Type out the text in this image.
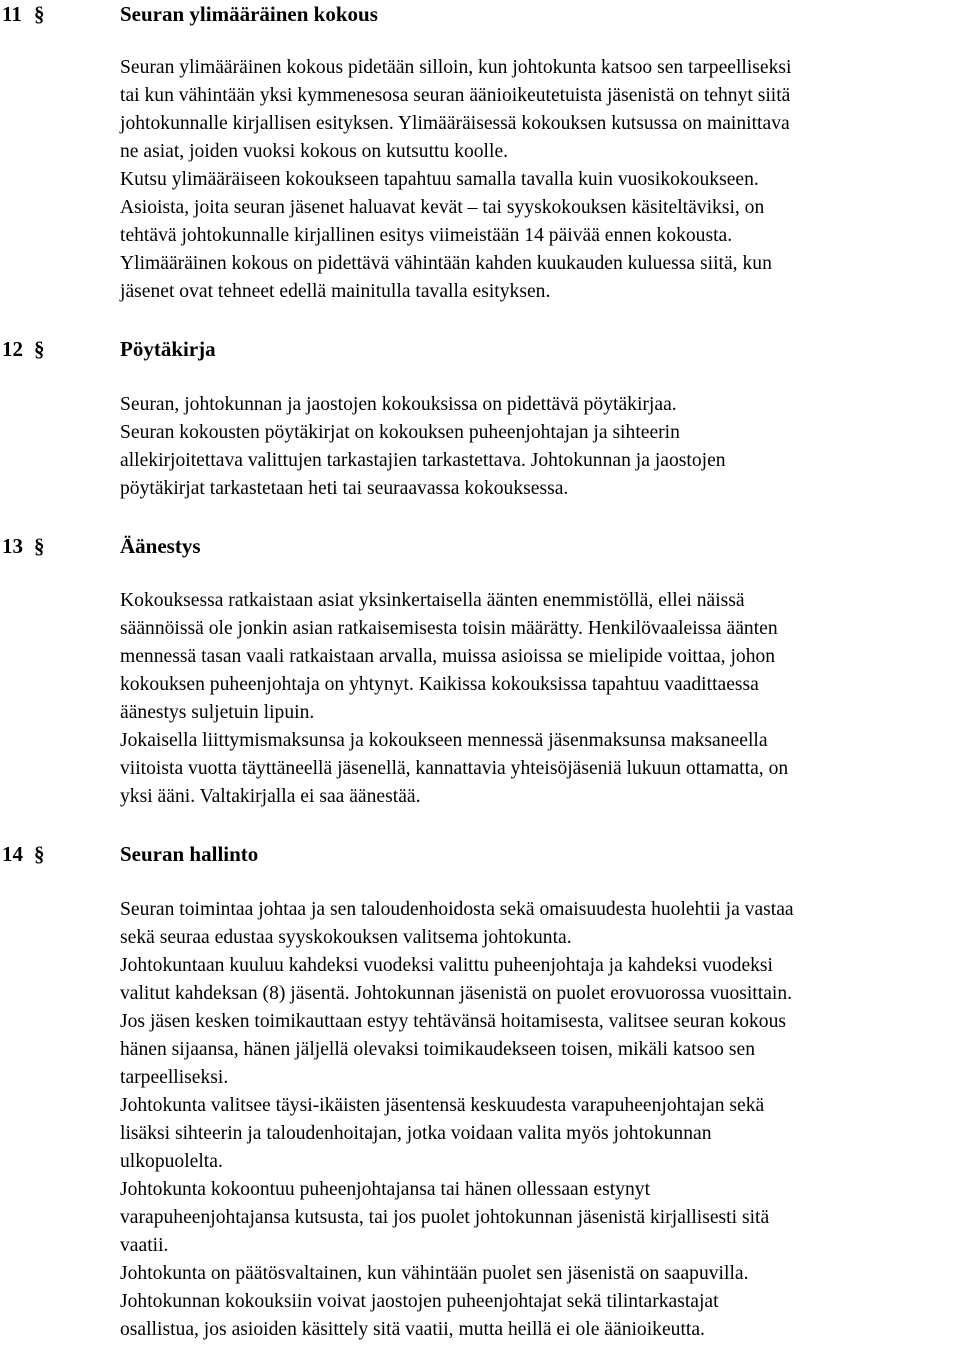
11 §	Seuran ylimääräinen kokous

Seuran ylimääräinen kokous pidetään silloin, kun johtokunta katsoo sen tarpeelliseksi

tai kun vähintään yksi kymmenesosa seuran äänioikeutetuista jäsenistä on tehnyt siitä

johtokunnalle kirjallisen esityksen. Ylimääräisessä kokouksen kutsussa on mainittava

ne asiat, joiden vuoksi kokous on kutsuttu koolle.

Kutsu ylimääräiseen kokoukseen tapahtuu samalla tavalla kuin vuosikokoukseen.

Asioista, joita seuran jäsenet haluavat kevät – tai syyskokouksen käsiteltäviksi, on

tehtävä johtokunnalle kirjallinen esitys viimeistään 14 päivää ennen kokousta.

Ylimääräinen kokous on pidettävä vähintään kahden kuukauden kuluessa siitä, kun

jäsenet ovat tehneet edellä mainitulla tavalla esityksen.

12 §	Pöytäkirja

Seuran, johtokunnan ja jaostojen kokouksissa on pidettävä pöytäkirjaa.

Seuran kokousten pöytäkirjat on kokouksen puheenjohtajan ja sihteerin

allekirjoitettava valittujen tarkastajien tarkastettava. Johtokunnan ja jaostojen

pöytäkirjat tarkastetaan heti tai seuraavassa kokouksessa.

13 §	Äänestys

Kokouksessa ratkaistaan asiat yksinkertaisella äänten enemmistöllä, ellei näissä

säännöissä ole jonkin asian ratkaisemisesta toisin määrätty. Henkilövaaleissa äänten

mennessä tasan vaali ratkaistaan arvalla, muissa asioissa se mielipide voittaa, johon

kokouksen puheenjohtaja on yhtynyt. Kaikissa kokouksissa tapahtuu vaadittaessa

äänestys suljetuin lipuin.

Jokaisella liittymismaksunsa ja kokoukseen mennessä jäsenmaksunsa maksaneella

viitoista vuotta täyttäneellä jäsenellä, kannattavia yhteisöjäseniä lukuun ottamatta, on

yksi ääni. Valtakirjalla ei saa äänestää.

14 §	Seuran hallinto

Seuran toimintaa johtaa ja sen taloudenhoidosta sekä omaisuudesta huolehtii ja vastaa

sekä seuraa edustaa syyskokouksen valitsema johtokunta.

Johtokuntaan kuuluu kahdeksi vuodeksi valittu puheenjohtaja ja kahdeksi vuodeksi

valitut kahdeksan (8) jäsentä. Johtokunnan jäsenistä on puolet erovuorossa vuosittain.

Jos jäsen kesken toimikauttaan estyy tehtävänsä hoitamisesta, valitsee seuran kokous

hänen sijaansa, hänen jäljellä olevaksi toimikaudekseen toisen, mikäli katsoo sen

tarpeelliseksi.

Johtokunta valitsee täysi-ikäisten jäsentensä keskuudesta varapuheenjohtajan sekä

lisäksi sihteerin ja taloudenhoitajan, jotka voidaan valita myös johtokunnan

ulkopuolelta.

Johtokunta kokoontuu puheenjohtajansa tai hänen ollessaan estynyt

varapuheenjohtajansa kutsusta, tai jos puolet johtokunnan jäsenistä kirjallisesti sitä

vaatii.

Johtokunta on päätösvaltainen, kun vähintään puolet sen jäsenistä on saapuvilla.

Johtokunnan kokouksiin voivat jaostojen puheenjohtajat sekä tilintarkastajat

osallistua, jos asioiden käsittely sitä vaatii, mutta heillä ei ole äänioikeutta.
